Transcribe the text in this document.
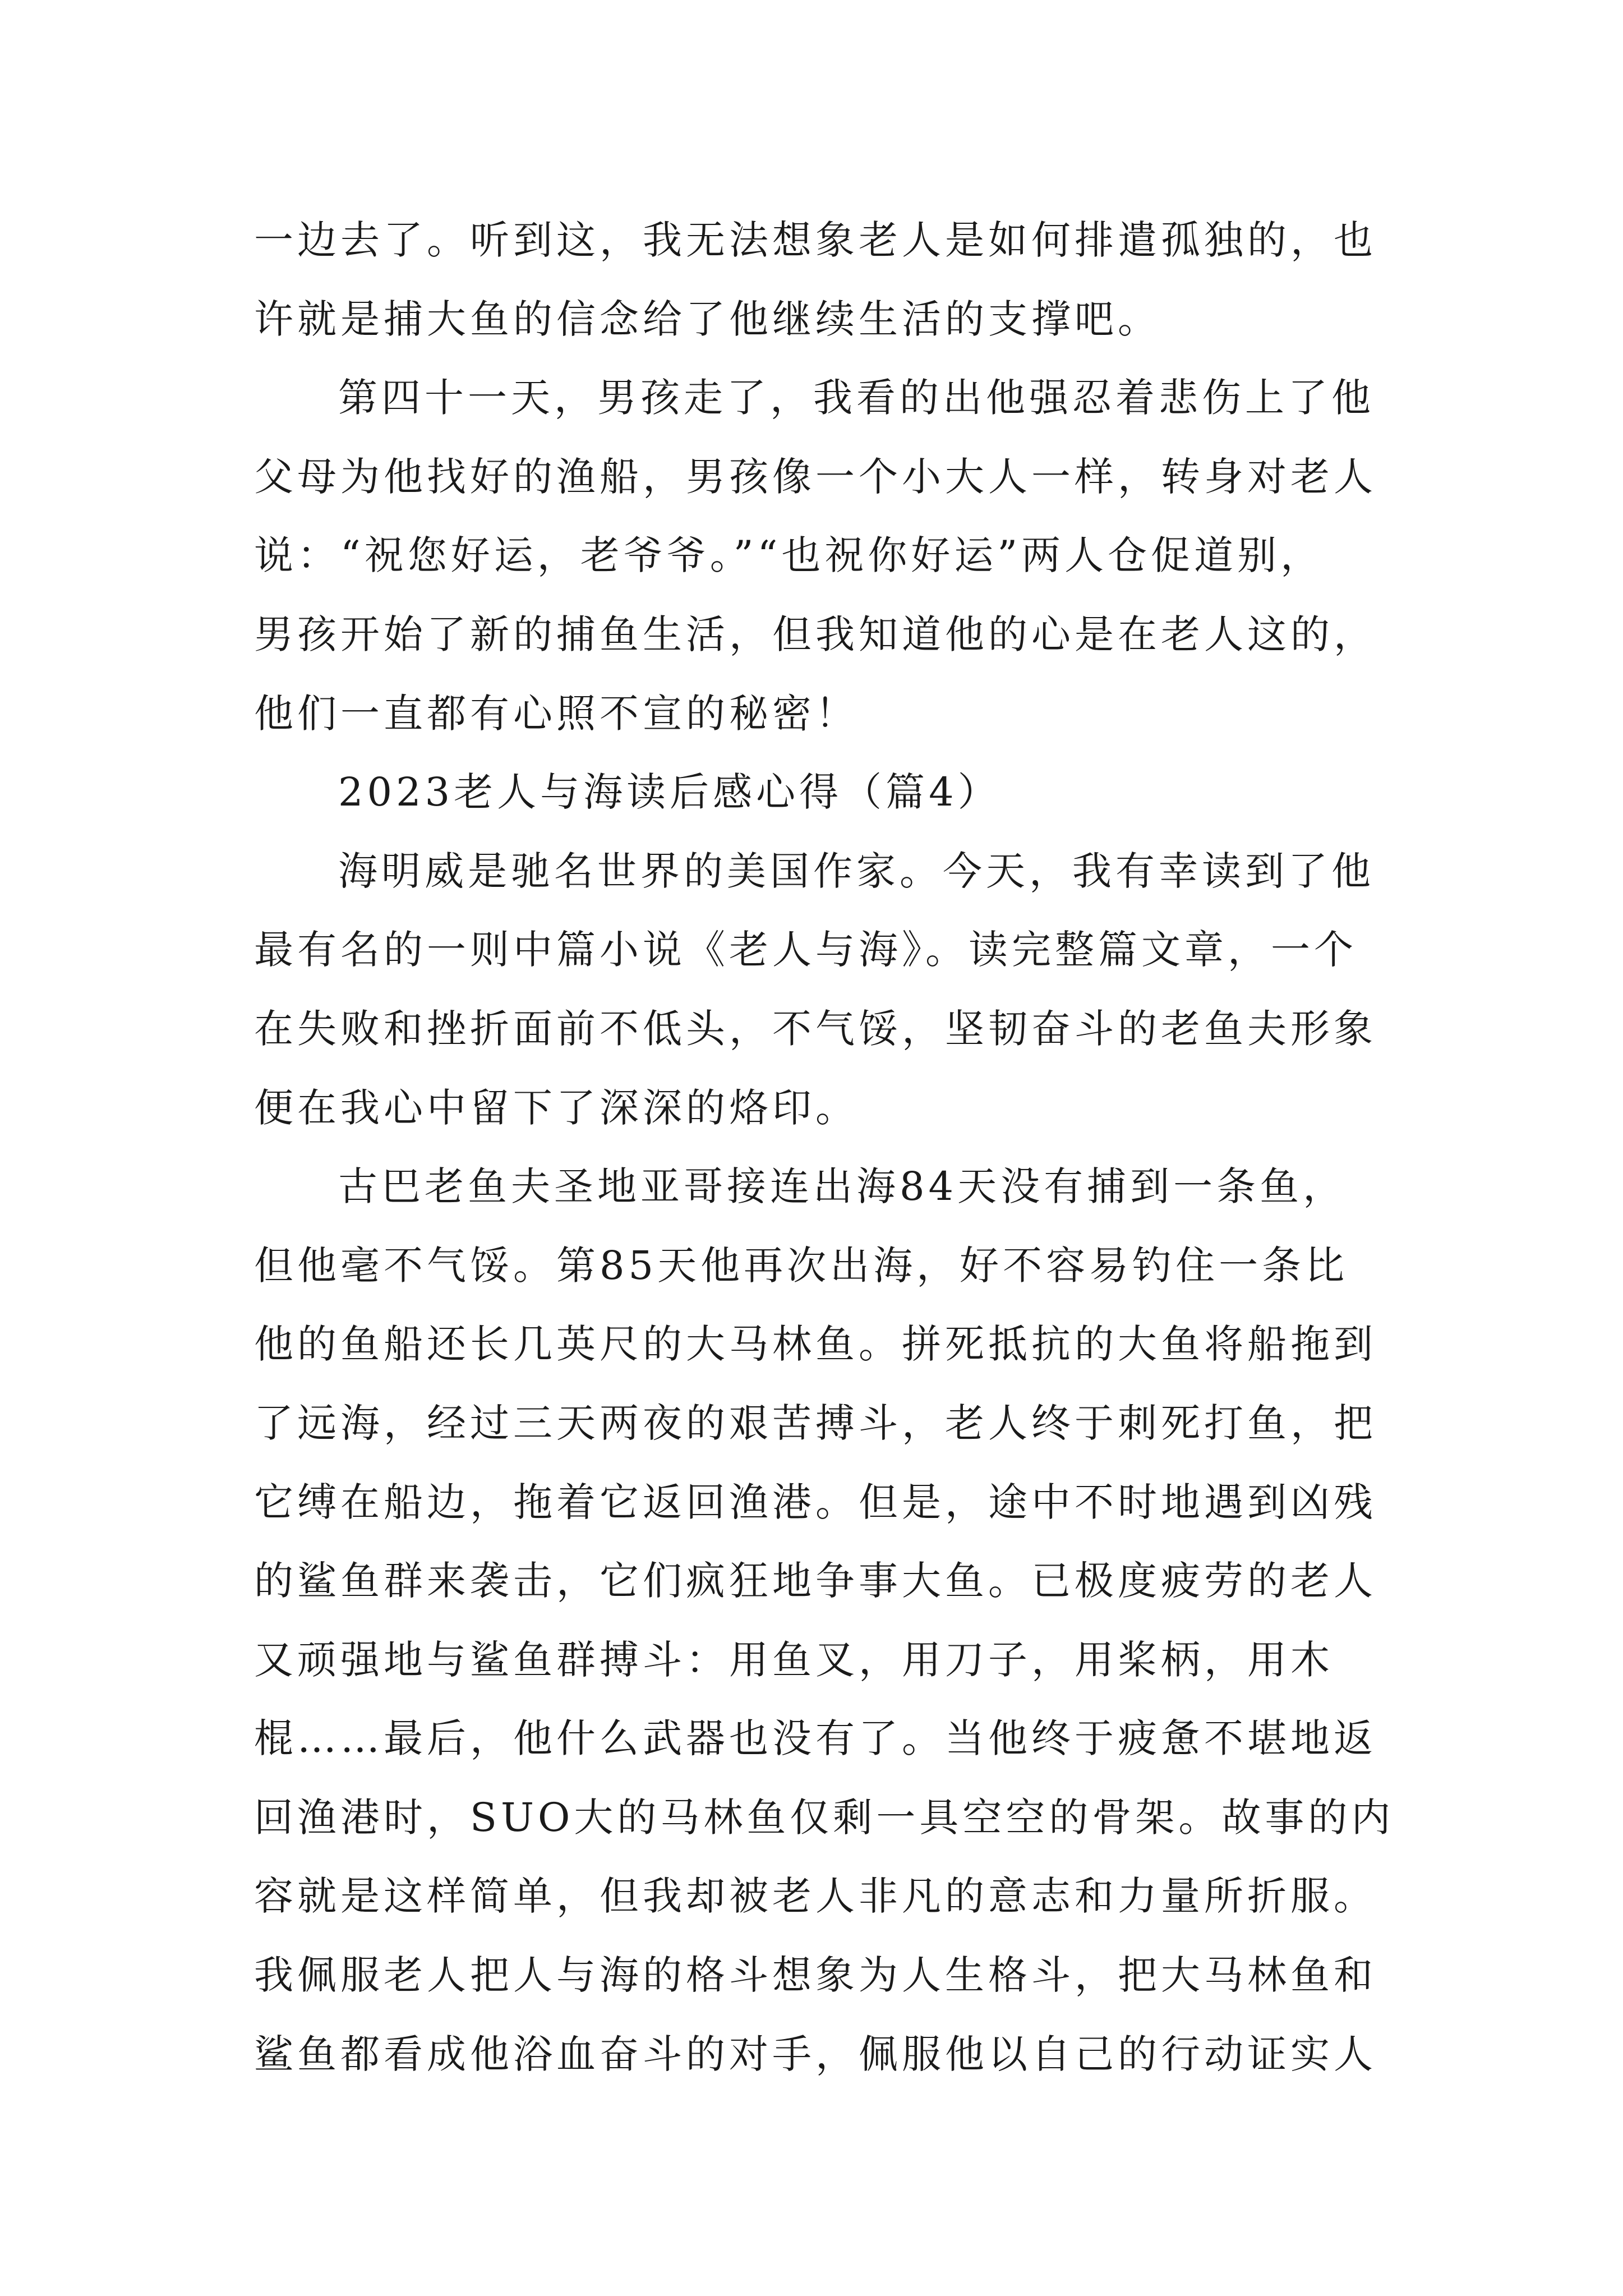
一边去了。听到这，我无法想象老人是如何排遣孤独的，也
许就是捕大鱼的信念给了他继续生活的支撑吧。
第四十一天，男孩走了，我看的出他强忍着悲伤上了他
父母为他找好的渔船，男孩像一个小大人一样，转身对老人
说：“祝您好运，老爷爷。”“也祝你好运”两人仓促道别，
男孩开始了新的捕鱼生活，但我知道他的心是在老人这的，
他们一直都有心照不宣的秘密！
2023老人与海读后感心得（篇4）
海明威是驰名世界的美国作家。今天，我有幸读到了他
最有名的一则中篇小说《老人与海》。读完整篇文章，一个
在失败和挫折面前不低头，不气馁，坚韧奋斗的老鱼夫形象
便在我心中留下了深深的烙印。
古巴老鱼夫圣地亚哥接连出海84天没有捕到一条鱼，
但他毫不气馁。第85天他再次出海，好不容易钓住一条比
他的鱼船还长几英尺的大马林鱼。拼死抵抗的大鱼将船拖到
了远海，经过三天两夜的艰苦搏斗，老人终于刺死打鱼，把
它缚在船边，拖着它返回渔港。但是，途中不时地遇到凶残
的鲨鱼群来袭击，它们疯狂地争事大鱼。已极度疲劳的老人
又顽强地与鲨鱼群搏斗：用鱼叉，用刀子，用桨柄，用木
棍……最后，他什么武器也没有了。当他终于疲惫不堪地返
回渔港时，SUO大的马林鱼仅剩一具空空的骨架。故事的内
容就是这样简单，但我却被老人非凡的意志和力量所折服。
我佩服老人把人与海的格斗想象为人生格斗，把大马林鱼和
鲨鱼都看成他浴血奋斗的对手，佩服他以自己的行动证实人
